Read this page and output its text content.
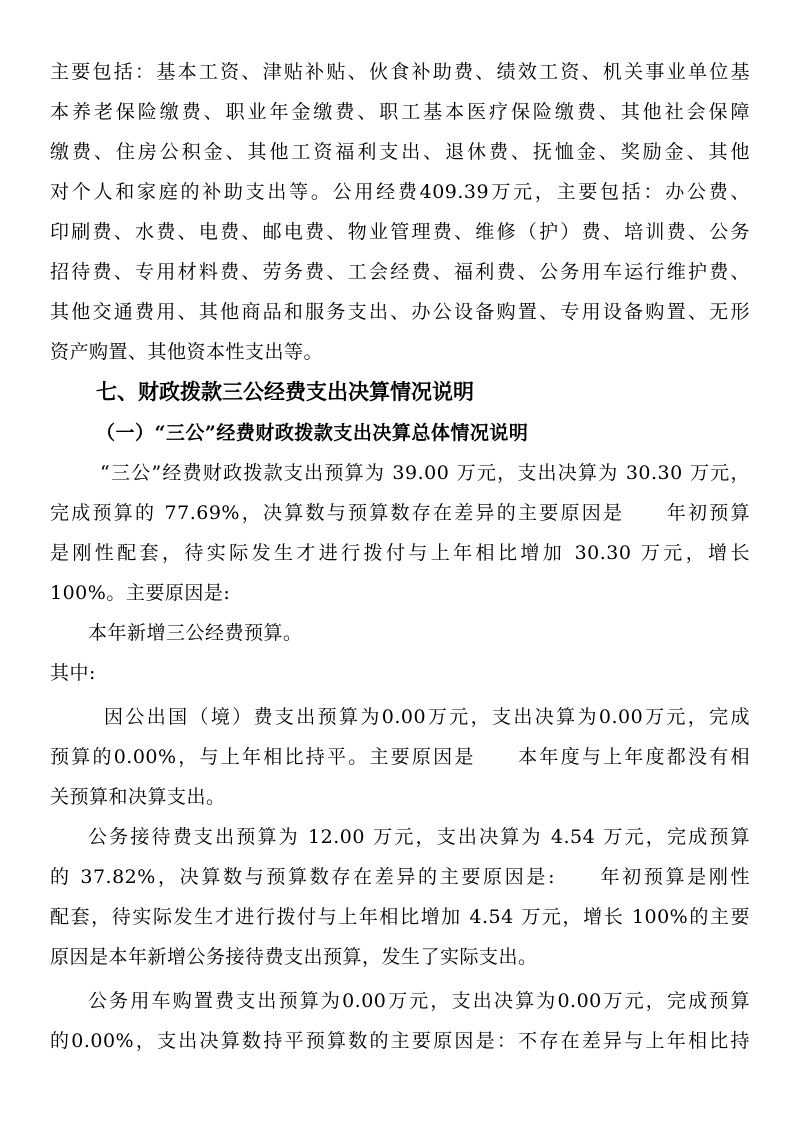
主要包括：基本工资、津贴补贴、伙食补助费、绩效工资、机关事业单位基
本养老保险缴费、职业年金缴费、职工基本医疗保险缴费、其他社会保障
缴费、住房公积金、其他工资福利支出、退休费、抚恤金、奖励金、其他
对个人和家庭的补助支出等。公用经费409.39万元，主要包括：办公费、
印刷费、水费、电费、邮电费、物业管理费、维修（护）费、培训费、公务
招待费、专用材料费、劳务费、工会经费、福利费、公务用车运行维护费、
其他交通费用、其他商品和服务支出、办公设备购置、专用设备购置、无形
资产购置、其他资本性支出等。
七、财政拨款三公经费支出决算情况说明
（一）“三公”经费财政拨款支出决算总体情况说明
“三公”经费财政拨款支出预算为 39.00 万元，支出决算为 30.30 万元，
完成预算的 77.69%，决算数与预算数存在差异的主要原因是　　年初预算
是刚性配套，待实际发生才进行拨付与上年相比增加 30.30 万元，增长
100%。主要原因是:
本年新增三公经费预算。
其中:
因公出国（境）费支出预算为0.00万元，支出决算为0.00万元，完成
预算的0.00%，与上年相比持平。主要原因是　　本年度与上年度都没有相
关预算和决算支出。
公务接待费支出预算为 12.00 万元，支出决算为 4.54 万元，完成预算
的 37.82%，决算数与预算数存在差异的主要原因是:　　年初预算是刚性
配套，待实际发生才进行拨付与上年相比增加 4.54 万元，增长 100%的主要
原因是本年新增公务接待费支出预算，发生了实际支出。
公务用车购置费支出预算为0.00万元，支出决算为0.00万元，完成预算
的0.00%，支出决算数持平预算数的主要原因是：不存在差异与上年相比持
